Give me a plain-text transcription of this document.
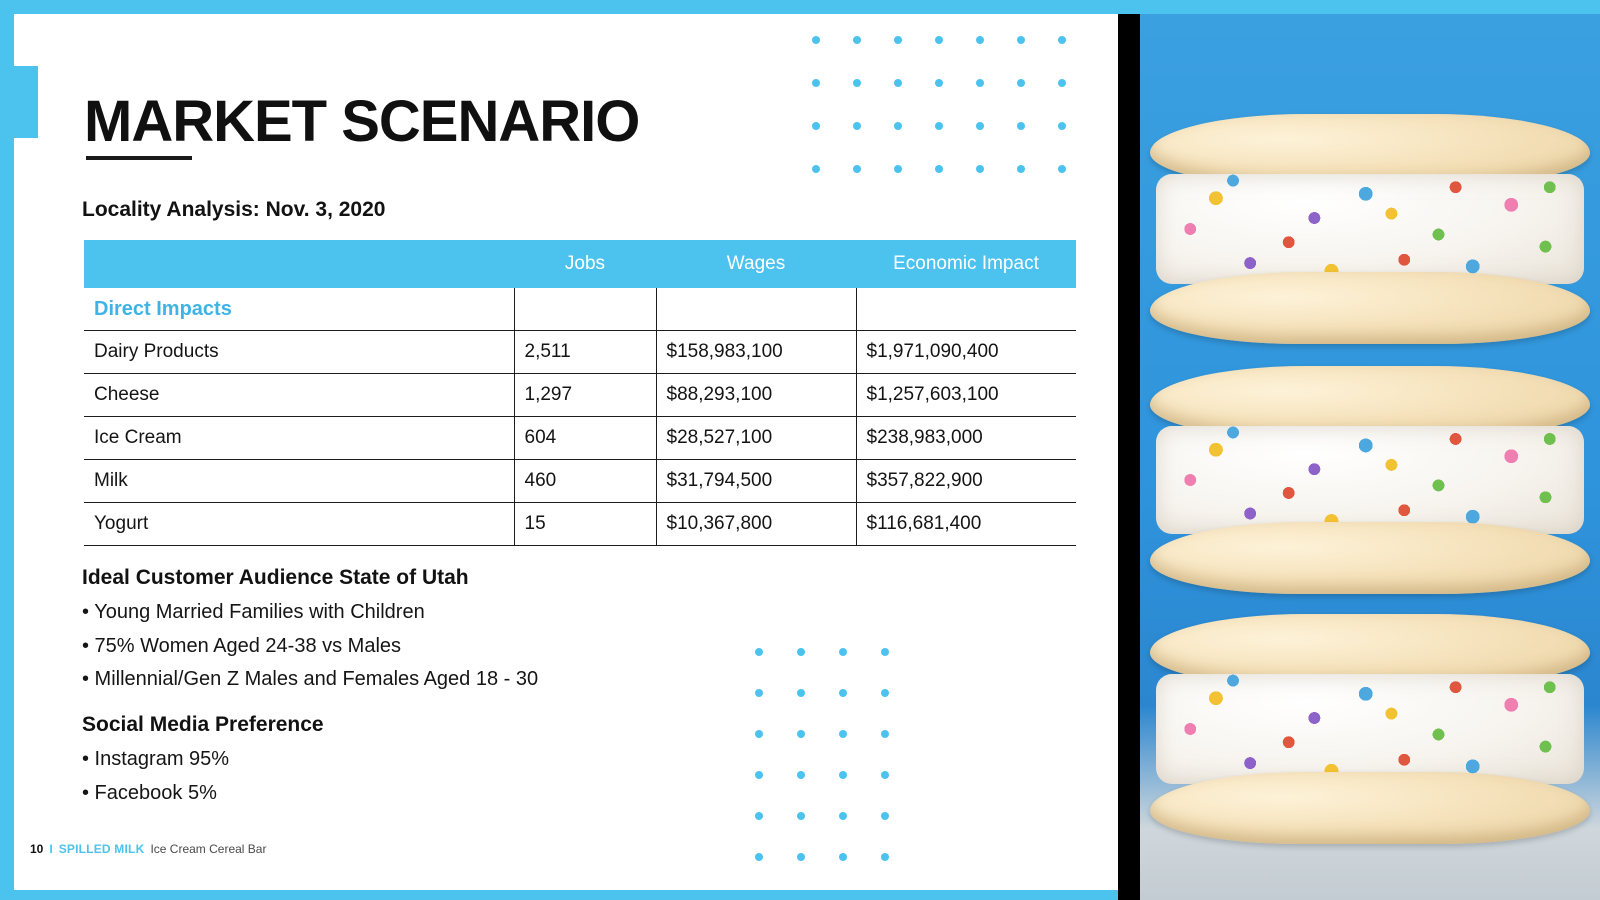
MARKET SCENARIO
Locality Analysis: Nov. 3, 2020
	Jobs	Wages	Economic Impact
Direct Impacts			
Dairy Products	2,511	$158,983,100	$1,971,090,400
Cheese	1,297	$88,293,100	$1,257,603,100
Ice Cream	604	$28,527,100	$238,983,000
Milk	460	$31,794,500	$357,822,900
Yogurt	15	$10,367,800	$116,681,400
Ideal Customer Audience State of Utah
• Young Married Families with Children
• 75% Women Aged 24-38 vs Males
• Millennial/Gen Z Males and Females Aged 18 - 30
Social Media Preference
• Instagram 95%
• Facebook 5%
10 I SPILLED MILK Ice Cream Cereal Bar
